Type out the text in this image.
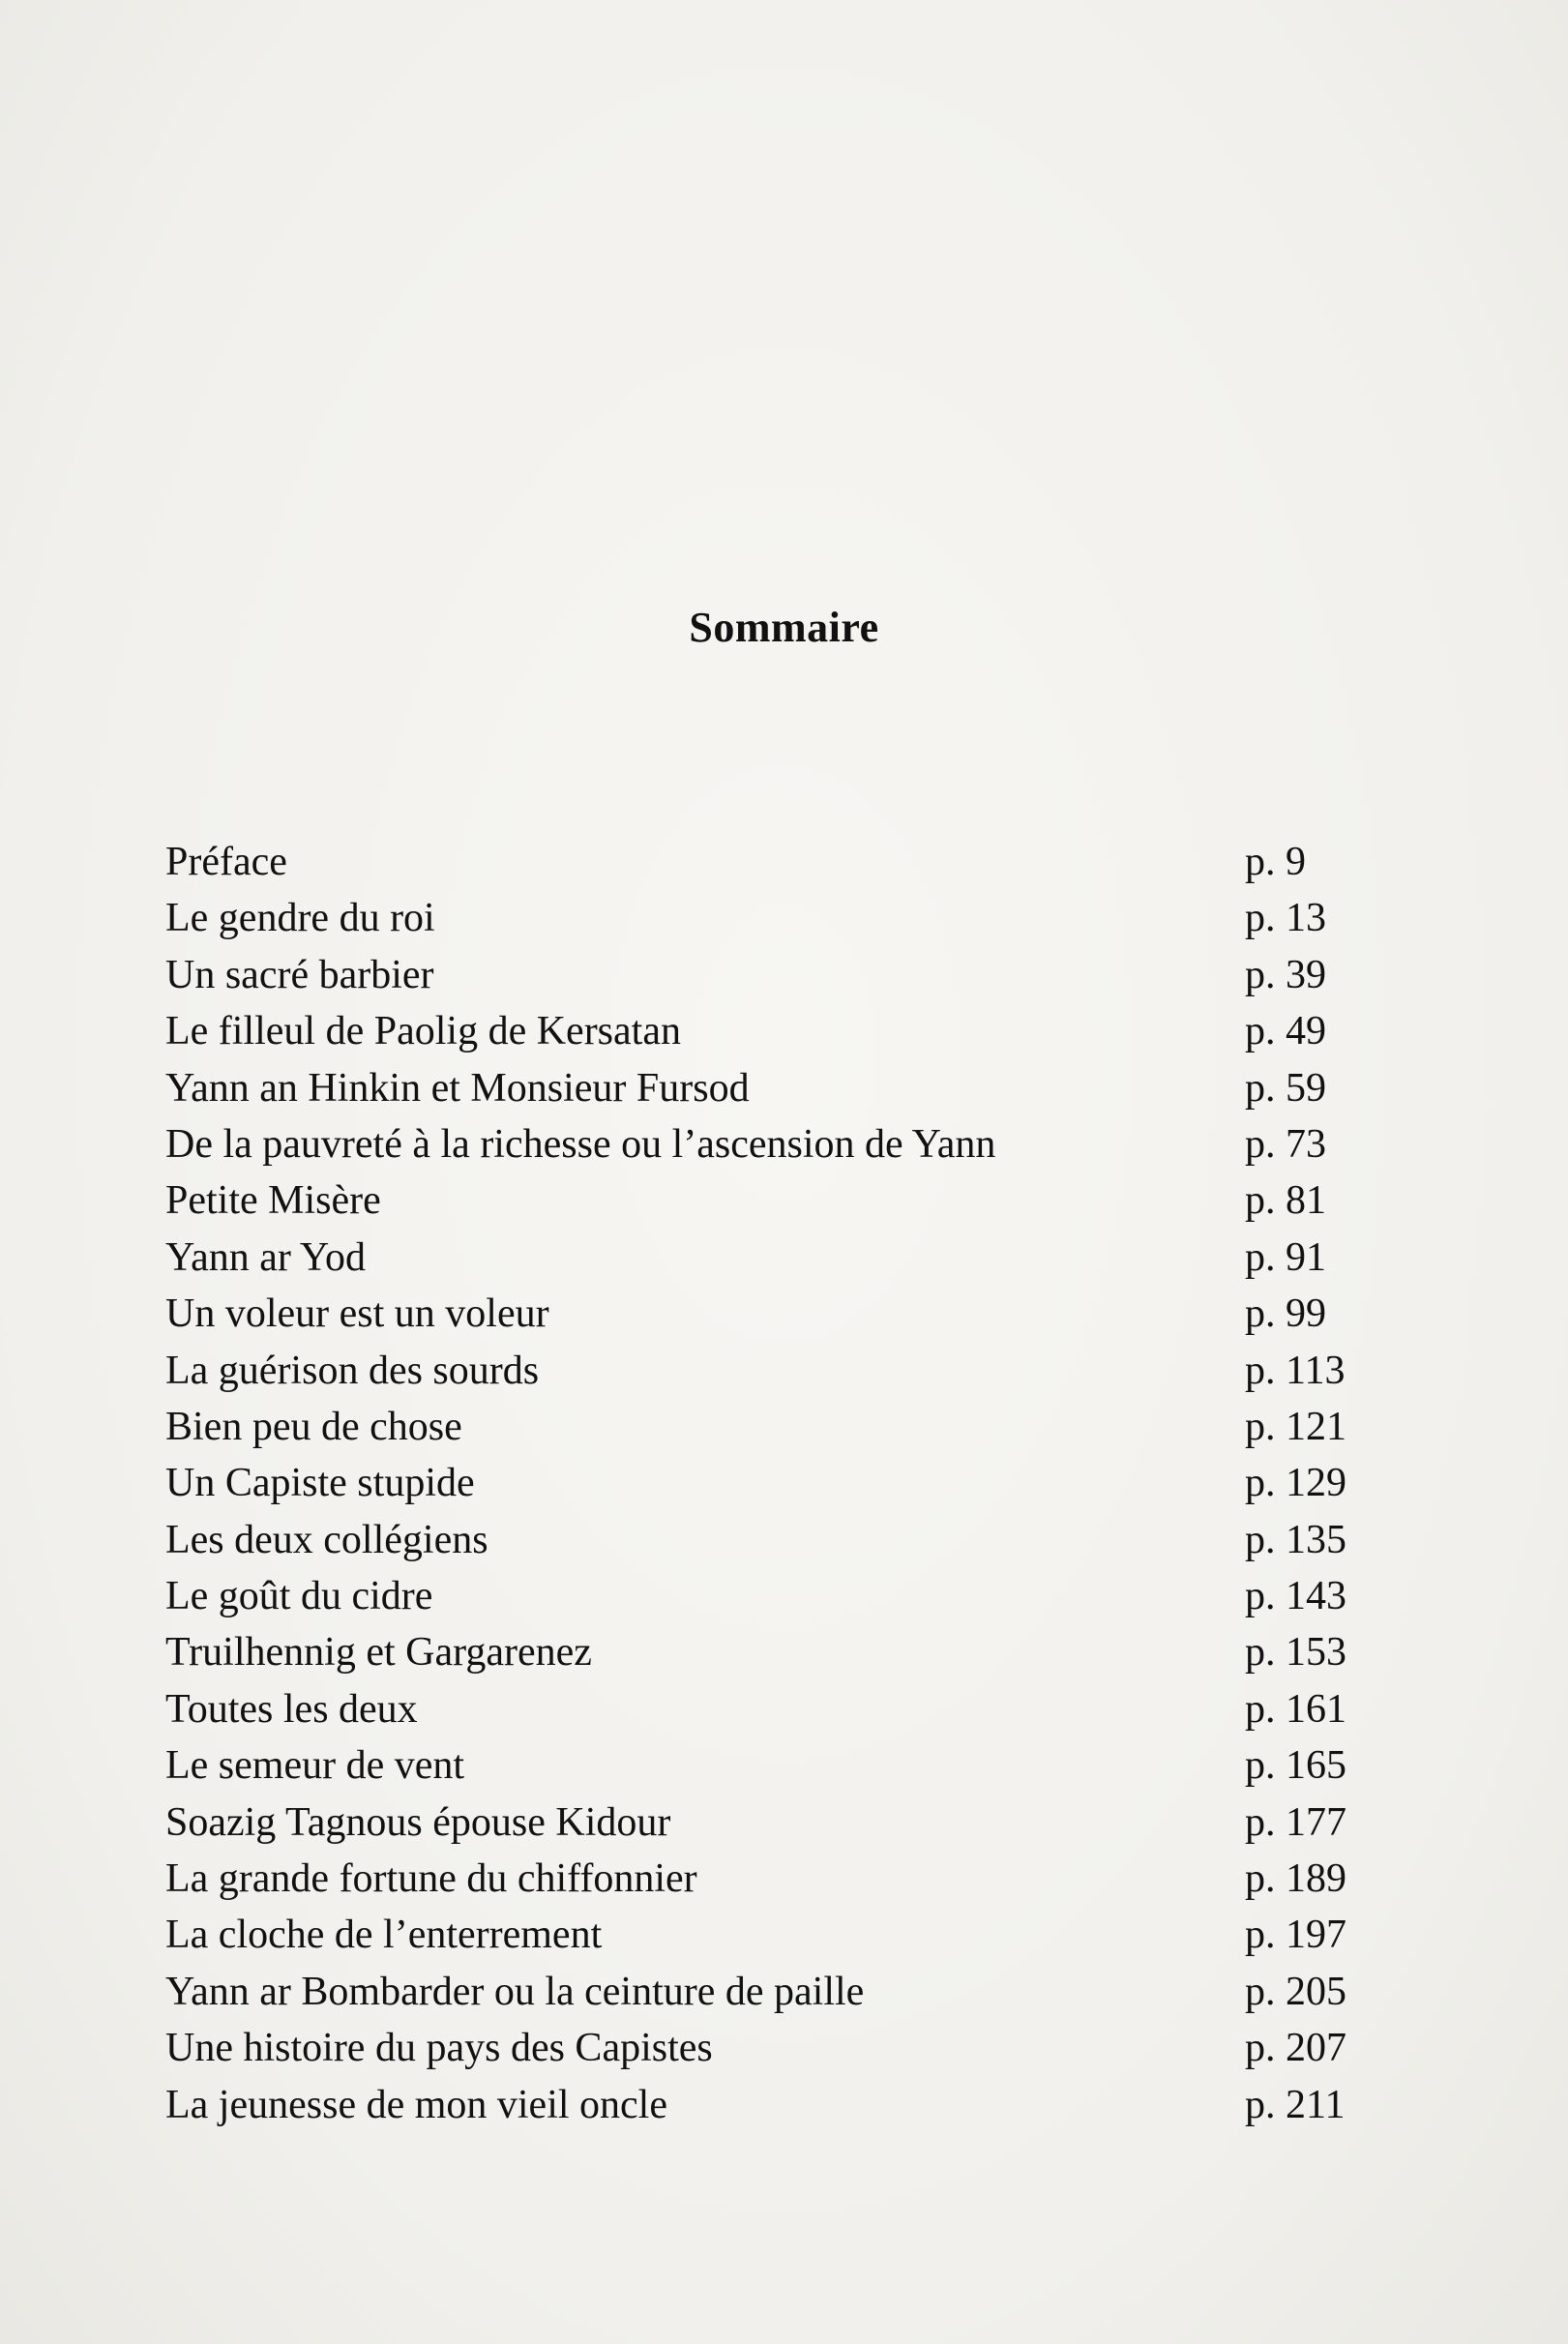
Sommaire
Préface	p. 9
Le gendre du roi	p. 13
Un sacré barbier	p. 39
Le filleul de Paolig de Kersatan	p. 49
Yann an Hinkin et Monsieur Fursod	p. 59
De la pauvreté à la richesse ou l’ascension de Yann	p. 73
Petite Misère	p. 81
Yann ar Yod	p. 91
Un voleur est un voleur	p. 99
La guérison des sourds	p. 113
Bien peu de chose	p. 121
Un Capiste stupide	p. 129
Les deux collégiens	p. 135
Le goût du cidre	p. 143
Truilhennig et Gargarenez	p. 153
Toutes les deux	p. 161
Le semeur de vent	p. 165
Soazig Tagnous épouse Kidour	p. 177
La grande fortune du chiffonnier	p. 189
La cloche de l’enterrement	p. 197
Yann ar Bombarder ou la ceinture de paille	p. 205
Une histoire du pays des Capistes	p. 207
La jeunesse de mon vieil oncle	p. 211
